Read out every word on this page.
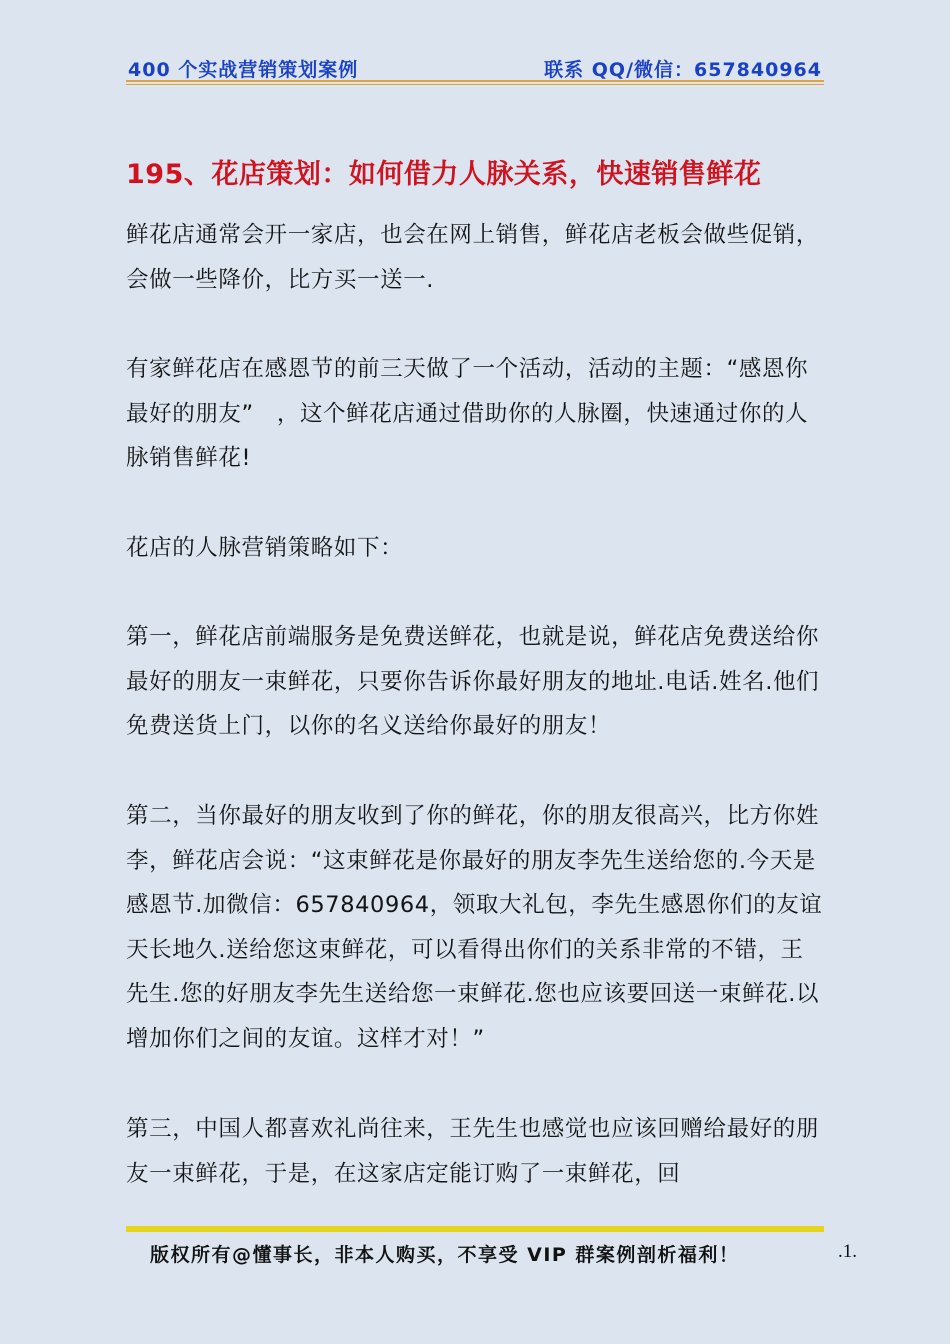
400 个实战营销策划案例	联系 QQ/微信：657840964
195、花店策划：如何借力人脉关系，快速销售鲜花

鲜花店通常会开一家店，也会在网上销售，鲜花店老板会做些促销，会做一些降价，比方买一送一.

有家鲜花店在感恩节的前三天做了一个活动，活动的主题：“感恩你最好的朋友”　，这个鲜花店通过借助你的人脉圈，快速通过你的人脉销售鲜花!

花店的人脉营销策略如下：

第一，鲜花店前端服务是免费送鲜花，也就是说，鲜花店免费送给你最好的朋友一束鲜花，只要你告诉你最好朋友的地址.电话.姓名.他们免费送货上门，以你的名义送给你最好的朋友！

第二，当你最好的朋友收到了你的鲜花，你的朋友很高兴，比方你姓李，鲜花店会说：“这束鲜花是你最好的朋友李先生送给您的.今天是感恩节.加微信：657840964，领取大礼包，李先生感恩你们的友谊天长地久.送给您这束鲜花，可以看得出你们的关系非常的不错，王先生.您的好朋友李先生送给您一束鲜花.您也应该要回送一束鲜花.以增加你们之间的友谊。这样才对！”

第三，中国人都喜欢礼尚往来，王先生也感觉也应该回赠给最好的朋友一束鲜花，于是，在这家店定能订购了一束鲜花，回

版权所有@懂事长，非本人购买，不享受 VIP 群案例剖析福利！	.1.
